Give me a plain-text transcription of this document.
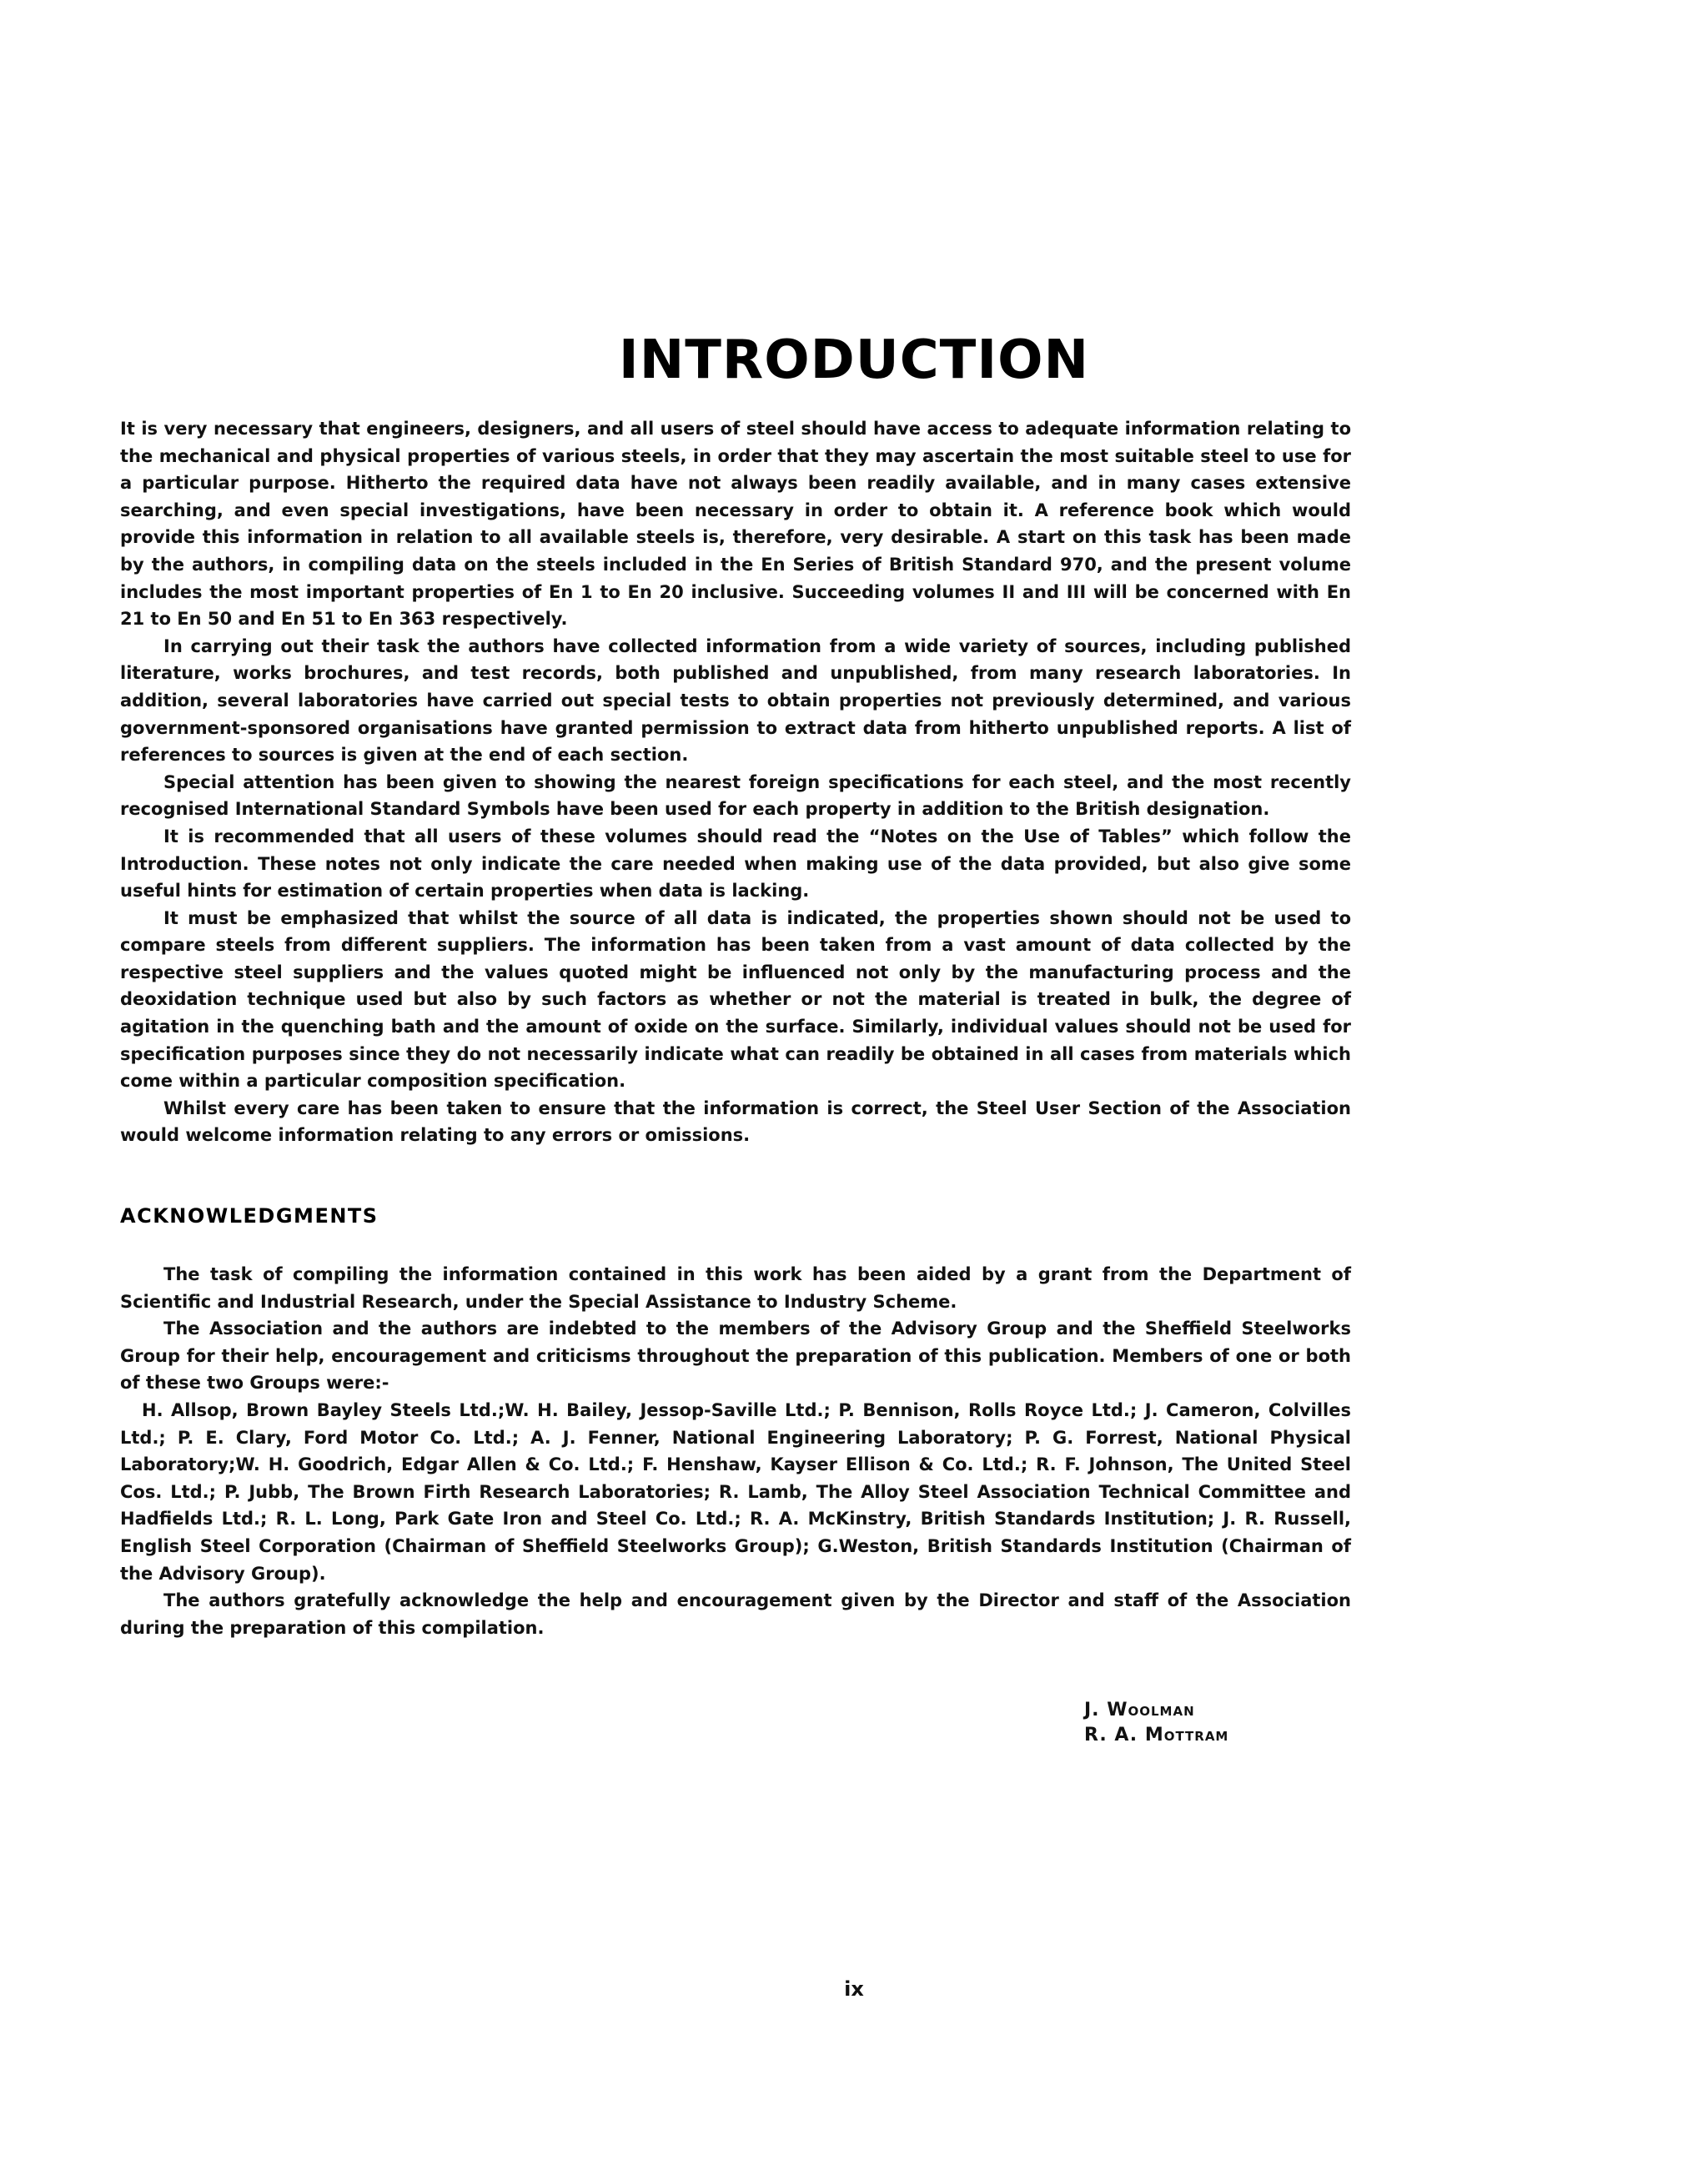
INTRODUCTION

It is very necessary that engineers, designers, and all users of steel should have access to adequate information relating to the mechanical and physical properties of various steels, in order that they may ascertain the most suitable steel to use for a particular purpose. Hitherto the required data have not always been readily available, and in many cases extensive searching, and even special investigations, have been necessary in order to obtain it. A reference book which would provide this information in relation to all available steels is, therefore, very desirable. A start on this task has been made by the authors, in compiling data on the steels included in the En Series of British Standard 970, and the present volume includes the most important properties of En 1 to En 20 inclusive. Succeeding volumes II and III will be concerned with En 21 to En 50 and En 51 to En 363 respectively.

In carrying out their task the authors have collected information from a wide variety of sources, including published literature, works brochures, and test records, both published and unpublished, from many research laboratories. In addition, several laboratories have carried out special tests to obtain properties not previously determined, and various government-sponsored organisations have granted permission to extract data from hitherto unpublished reports. A list of references to sources is given at the end of each section.

Special attention has been given to showing the nearest foreign specifications for each steel, and the most recently recognised International Standard Symbols have been used for each property in addition to the British designation.

It is recommended that all users of these volumes should read the “Notes on the Use of Tables” which follow the Introduction. These notes not only indicate the care needed when making use of the data provided, but also give some useful hints for estimation of certain properties when data is lacking.

It must be emphasized that whilst the source of all data is indicated, the properties shown should not be used to compare steels from different suppliers. The information has been taken from a vast amount of data collected by the respective steel suppliers and the values quoted might be influenced not only by the manufacturing process and the deoxidation technique used but also by such factors as whether or not the material is treated in bulk, the degree of agitation in the quenching bath and the amount of oxide on the surface. Similarly, individual values should not be used for specification purposes since they do not necessarily indicate what can readily be obtained in all cases from materials which come within a particular composition specification.

Whilst every care has been taken to ensure that the information is correct, the Steel User Section of the Association would welcome information relating to any errors or omissions.

ACKNOWLEDGMENTS

The task of compiling the information contained in this work has been aided by a grant from the Department of Scientific and Industrial Research, under the Special Assistance to Industry Scheme.

The Association and the authors are indebted to the members of the Advisory Group and the Sheffield Steelworks Group for their help, encouragement and criticisms throughout the preparation of this publication. Members of one or both of these two Groups were:-

H. Allsop, Brown Bayley Steels Ltd.;W. H. Bailey, Jessop-Saville Ltd.; P. Bennison, Rolls Royce Ltd.; J. Cameron, Colvilles Ltd.; P. E. Clary, Ford Motor Co. Ltd.; A. J. Fenner, National Engineering Laboratory; P. G. Forrest, National Physical Laboratory;W. H. Goodrich, Edgar Allen & Co. Ltd.; F. Henshaw, Kayser Ellison & Co. Ltd.; R. F. Johnson, The United Steel Cos. Ltd.; P. Jubb, The Brown Firth Research Laboratories; R. Lamb, The Alloy Steel Association Technical Committee and Hadfields Ltd.; R. L. Long, Park Gate Iron and Steel Co. Ltd.; R. A. McKinstry, British Standards Institution; J. R. Russell, English Steel Corporation (Chairman of Sheffield Steelworks Group); G.Weston, British Standards Institution (Chairman of the Advisory Group).

The authors gratefully acknowledge the help and encouragement given by the Director and staff of the Association during the preparation of this compilation.

J. Woolman
R. A. Mottram
ix
